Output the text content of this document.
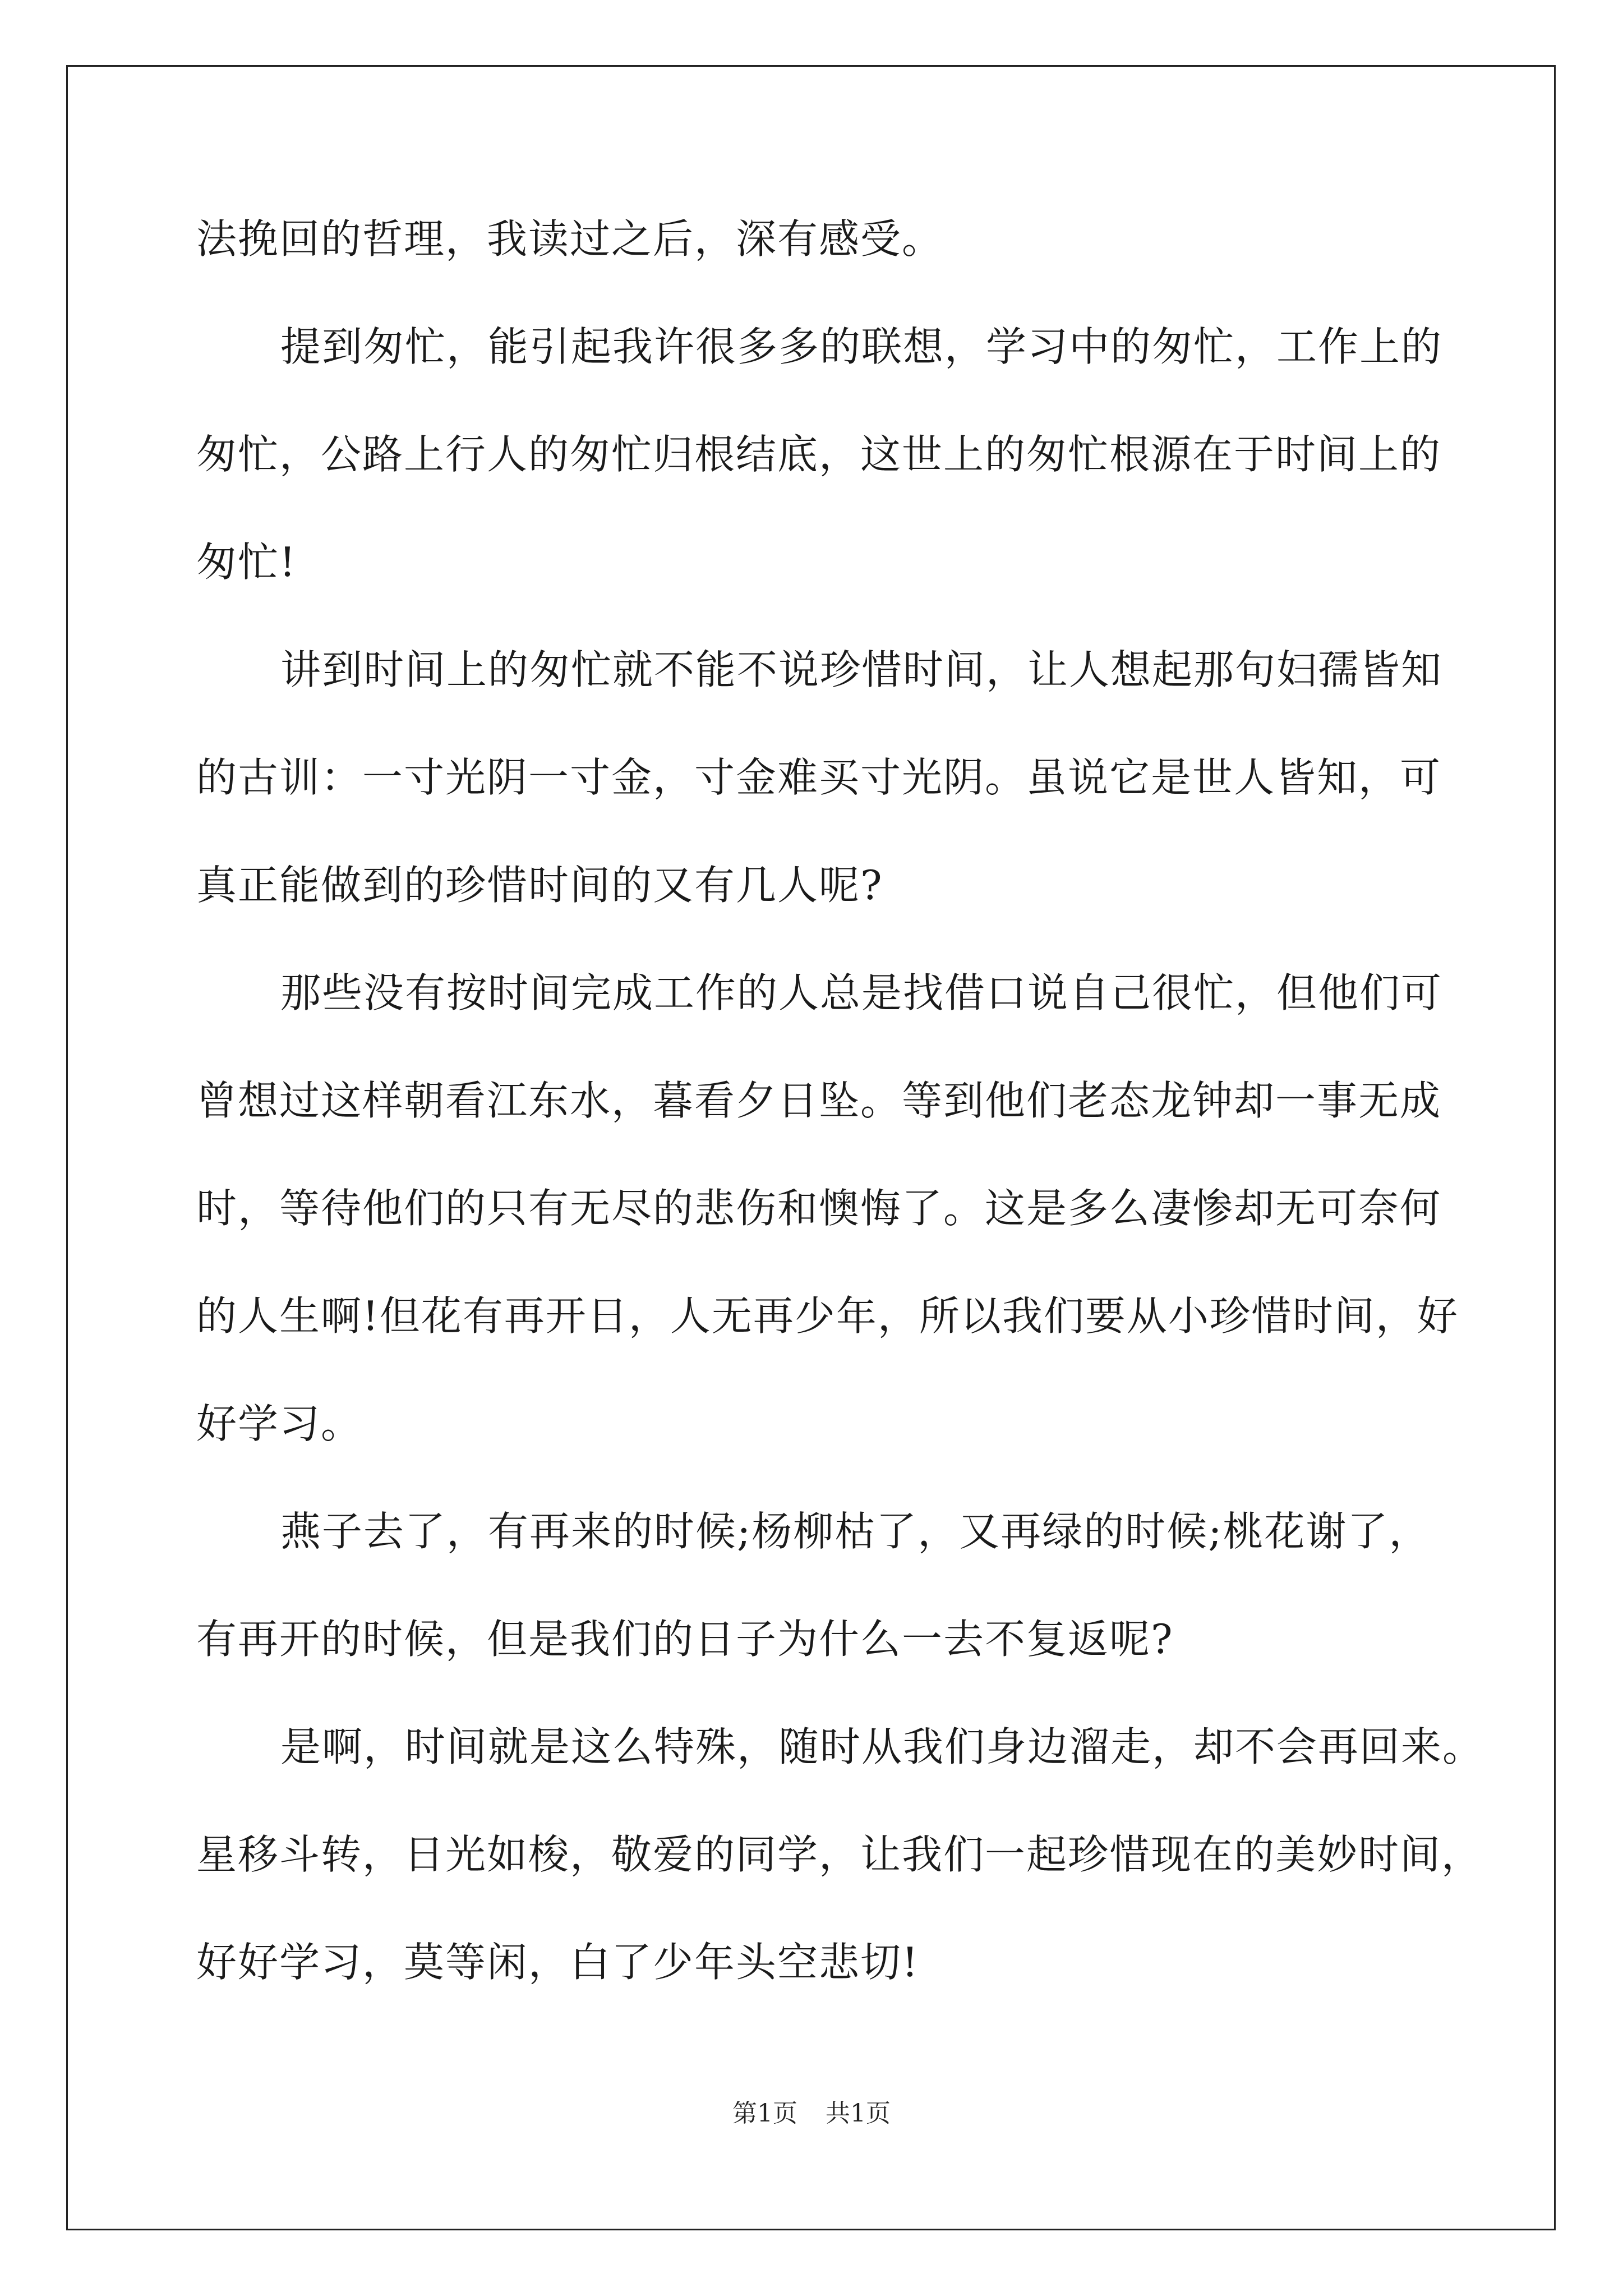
法挽回的哲理，我读过之后，深有感受。
提到匆忙，能引起我许很多多的联想，学习中的匆忙，工作上的
匆忙，公路上行人的匆忙归根结底，这世上的匆忙根源在于时间上的
匆忙!
讲到时间上的匆忙就不能不说珍惜时间，让人想起那句妇孺皆知
的古训：一寸光阴一寸金，寸金难买寸光阴。虽说它是世人皆知，可
真正能做到的珍惜时间的又有几人呢?
那些没有按时间完成工作的人总是找借口说自己很忙，但他们可
曾想过这样朝看江东水，暮看夕日坠。等到他们老态龙钟却一事无成
时，等待他们的只有无尽的悲伤和懊悔了。这是多么凄惨却无可奈何
的人生啊!但花有再开日，人无再少年，所以我们要从小珍惜时间，好
好学习。
燕子去了，有再来的时候;杨柳枯了，又再绿的时候;桃花谢了，
有再开的时候，但是我们的日子为什么一去不复返呢?
是啊，时间就是这么特殊，随时从我们身边溜走，却不会再回来。
星移斗转，日光如梭，敬爱的同学，让我们一起珍惜现在的美妙时间，
好好学习，莫等闲，白了少年头空悲切!
第1页 共1页
